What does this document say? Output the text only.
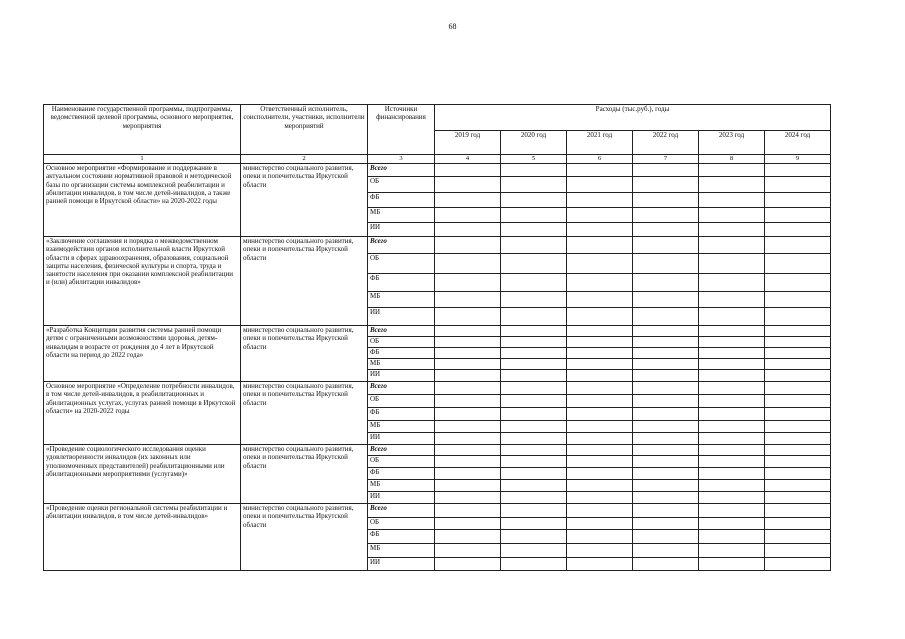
68
Наименование государственной программы, подпрограммы, ведомственной целевой программы, основного мероприятия, мероприятия	Ответственный исполнитель, соисполнители, участники, исполнители мероприятий	Источники финансирования	Расходы (тыс.руб.), годы					
			2019 год	2020 год	2021 год	2022 год	2023 год	2024 год
1	2	3	4	5	6	7	8	9
Основное мероприятие «Формирование и поддержание в актуальном состоянии нормативной правовой и методической базы по организации системы комплексной реабилитации и абилитации инвалидов, в том числе детей-инвалидов, а также ранней помощи в Иркутской области» на 2020-2022 годы	министерство социального развития, опеки и попечительства Иркутской области	Всего						
		ОБ						
		ФБ						
		МБ						
		ИИ						
«Заключение соглашения и порядка о межведомственном взаимодействии органов исполнительной власти Иркутской области в сферах здравоохранения, образования, социальной защиты населения, физической культуры и спорта, труда и занятости населения при оказании комплексной реабилитации и (или) абилитации инвалидов»	министерство социального развития, опеки и попечительства Иркутской области	Всего						
		ОБ						
		ФБ						
		МБ						
		ИИ						
«Разработка Концепции развития системы ранней помощи детям с ограниченными возможностями здоровья, детям-инвалидам в возрасте от рождения до 4 лет в Иркутской области на период до 2022 года»	министерство социального развития, опеки и попечительства Иркутской области	Всего						
		ОБ						
		ФБ						
		МБ						
		ИИ						
Основное мероприятие «Определение потребности инвалидов, в том числе детей-инвалидов, в реабилитационных и абилитационных услугах, услугах ранней помощи в Иркутской области» на 2020-2022 годы	министерство социального развития, опеки и попечительства Иркутской области	Всего						
		ОБ						
		ФБ						
		МБ						
		ИИ						
«Проведение социологического исследования оценки удовлетворенности инвалидов (их законных или уполномоченных представителей) реабилитационными или абилитационными мероприятиями (услугами)»	министерство социального развития, опеки и попечительства Иркутской области	Всего						
		ОБ						
		ФБ						
		МБ						
		ИИ						
«Проведение оценки региональной системы реабилитации и абилитации инвалидов, в том числе детей-инвалидов»	министерство социального развития, опеки и попечительства Иркутской области	Всего						
		ОБ						
		ФБ						
		МБ						
		ИИ						
